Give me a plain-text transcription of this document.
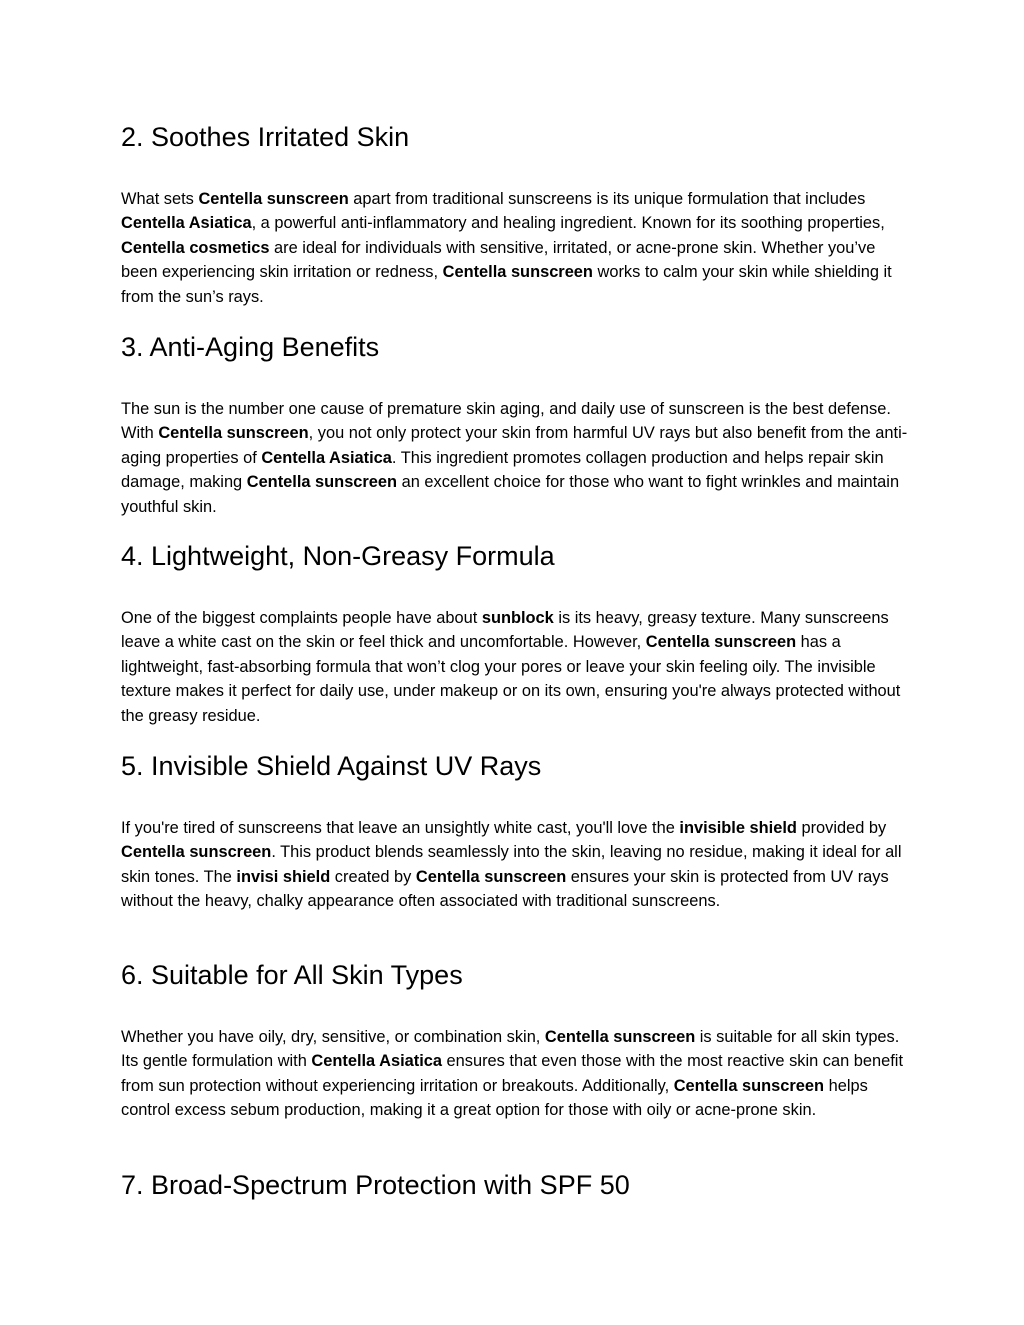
2. Soothes Irritated Skin

What sets Centella sunscreen apart from traditional sunscreens is its unique formulation that includes Centella Asiatica, a powerful anti-inflammatory and healing ingredient. Known for its soothing properties, Centella cosmetics are ideal for individuals with sensitive, irritated, or acne-prone skin. Whether you’ve been experiencing skin irritation or redness, Centella sunscreen works to calm your skin while shielding it from the sun’s rays.

3. Anti-Aging Benefits

The sun is the number one cause of premature skin aging, and daily use of sunscreen is the best defense. With Centella sunscreen, you not only protect your skin from harmful UV rays but also benefit from the anti-aging properties of Centella Asiatica. This ingredient promotes collagen production and helps repair skin damage, making Centella sunscreen an excellent choice for those who want to fight wrinkles and maintain youthful skin.

4. Lightweight, Non-Greasy Formula

One of the biggest complaints people have about sunblock is its heavy, greasy texture. Many sunscreens leave a white cast on the skin or feel thick and uncomfortable. However, Centella sunscreen has a lightweight, fast-absorbing formula that won’t clog your pores or leave your skin feeling oily. The invisible texture makes it perfect for daily use, under makeup or on its own, ensuring you're always protected without the greasy residue.

5. Invisible Shield Against UV Rays

If you're tired of sunscreens that leave an unsightly white cast, you'll love the invisible shield provided by Centella sunscreen. This product blends seamlessly into the skin, leaving no residue, making it ideal for all skin tones. The invisi shield created by Centella sunscreen ensures your skin is protected from UV rays without the heavy, chalky appearance often associated with traditional sunscreens.

6. Suitable for All Skin Types

Whether you have oily, dry, sensitive, or combination skin, Centella sunscreen is suitable for all skin types. Its gentle formulation with Centella Asiatica ensures that even those with the most reactive skin can benefit from sun protection without experiencing irritation or breakouts. Additionally, Centella sunscreen helps control excess sebum production, making it a great option for those with oily or acne-prone skin.

7. Broad-Spectrum Protection with SPF 50
